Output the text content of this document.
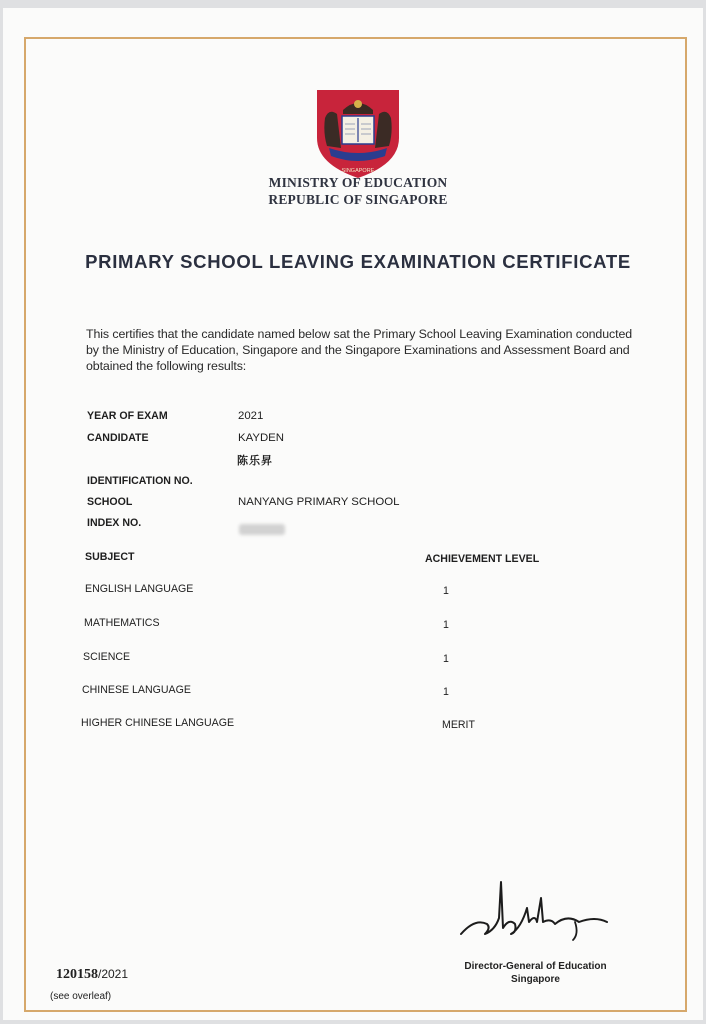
SINGAPORE
MINISTRY OF EDUCATION
REPUBLIC OF SINGAPORE
PRIMARY SCHOOL LEAVING EXAMINATION CERTIFICATE
This certifies that the candidate named below sat the Primary School Leaving Examination conducted by the Ministry of Education, Singapore and the Singapore Examinations and Assessment Board and obtained the following results:
YEAR OF EXAM	2021
CANDIDATE	KAYDEN
陈乐昇
IDENTIFICATION NO.
SCHOOL	NANYANG PRIMARY SCHOOL
INDEX NO.
SUBJECT	ACHIEVEMENT LEVEL
ENGLISH LANGUAGE	1
MATHEMATICS	1
SCIENCE	1
CHINESE LANGUAGE	1
HIGHER CHINESE LANGUAGE	MERIT
Director-General of Education
Singapore
120158/2021
(see overleaf)
